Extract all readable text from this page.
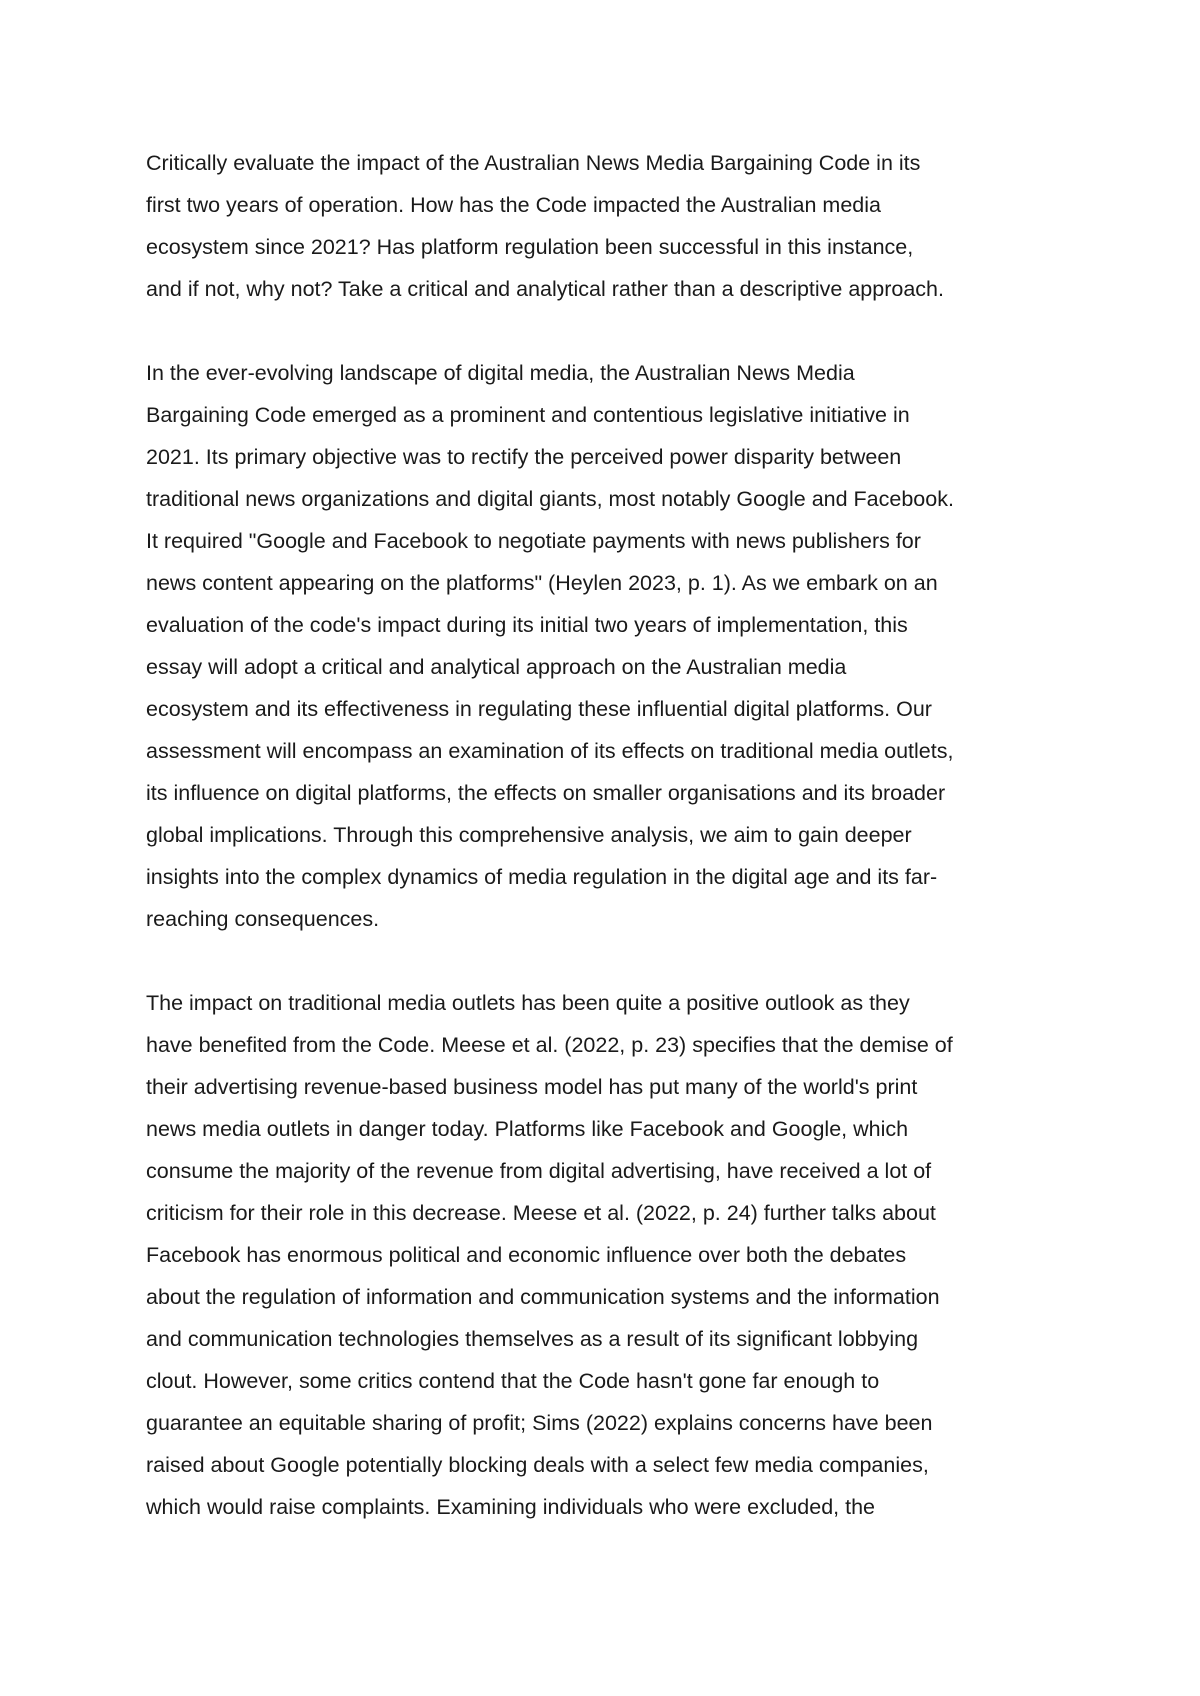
Critically evaluate the impact of the Australian News Media Bargaining Code in its
first two years of operation. How has the Code impacted the Australian media
ecosystem since 2021? Has platform regulation been successful in this instance,
and if not, why not? Take a critical and analytical rather than a descriptive approach.

In the ever-evolving landscape of digital media, the Australian News Media
Bargaining Code emerged as a prominent and contentious legislative initiative in
2021. Its primary objective was to rectify the perceived power disparity between
traditional news organizations and digital giants, most notably Google and Facebook.
It required "Google and Facebook to negotiate payments with news publishers for
news content appearing on the platforms" (Heylen 2023, p. 1). As we embark on an
evaluation of the code's impact during its initial two years of implementation, this
essay will adopt a critical and analytical approach on the Australian media
ecosystem and its effectiveness in regulating these influential digital platforms. Our
assessment will encompass an examination of its effects on traditional media outlets,
its influence on digital platforms, the effects on smaller organisations and its broader
global implications. Through this comprehensive analysis, we aim to gain deeper
insights into the complex dynamics of media regulation in the digital age and its far-
reaching consequences.

The impact on traditional media outlets has been quite a positive outlook as they
have benefited from the Code. Meese et al. (2022, p. 23) specifies that the demise of
their advertising revenue-based business model has put many of the world's print
news media outlets in danger today. Platforms like Facebook and Google, which
consume the majority of the revenue from digital advertising, have received a lot of
criticism for their role in this decrease. Meese et al. (2022, p. 24) further talks about
Facebook has enormous political and economic influence over both the debates
about the regulation of information and communication systems and the information
and communication technologies themselves as a result of its significant lobbying
clout. However, some critics contend that the Code hasn't gone far enough to
guarantee an equitable sharing of profit; Sims (2022) explains concerns have been
raised about Google potentially blocking deals with a select few media companies,
which would raise complaints. Examining individuals who were excluded, the
